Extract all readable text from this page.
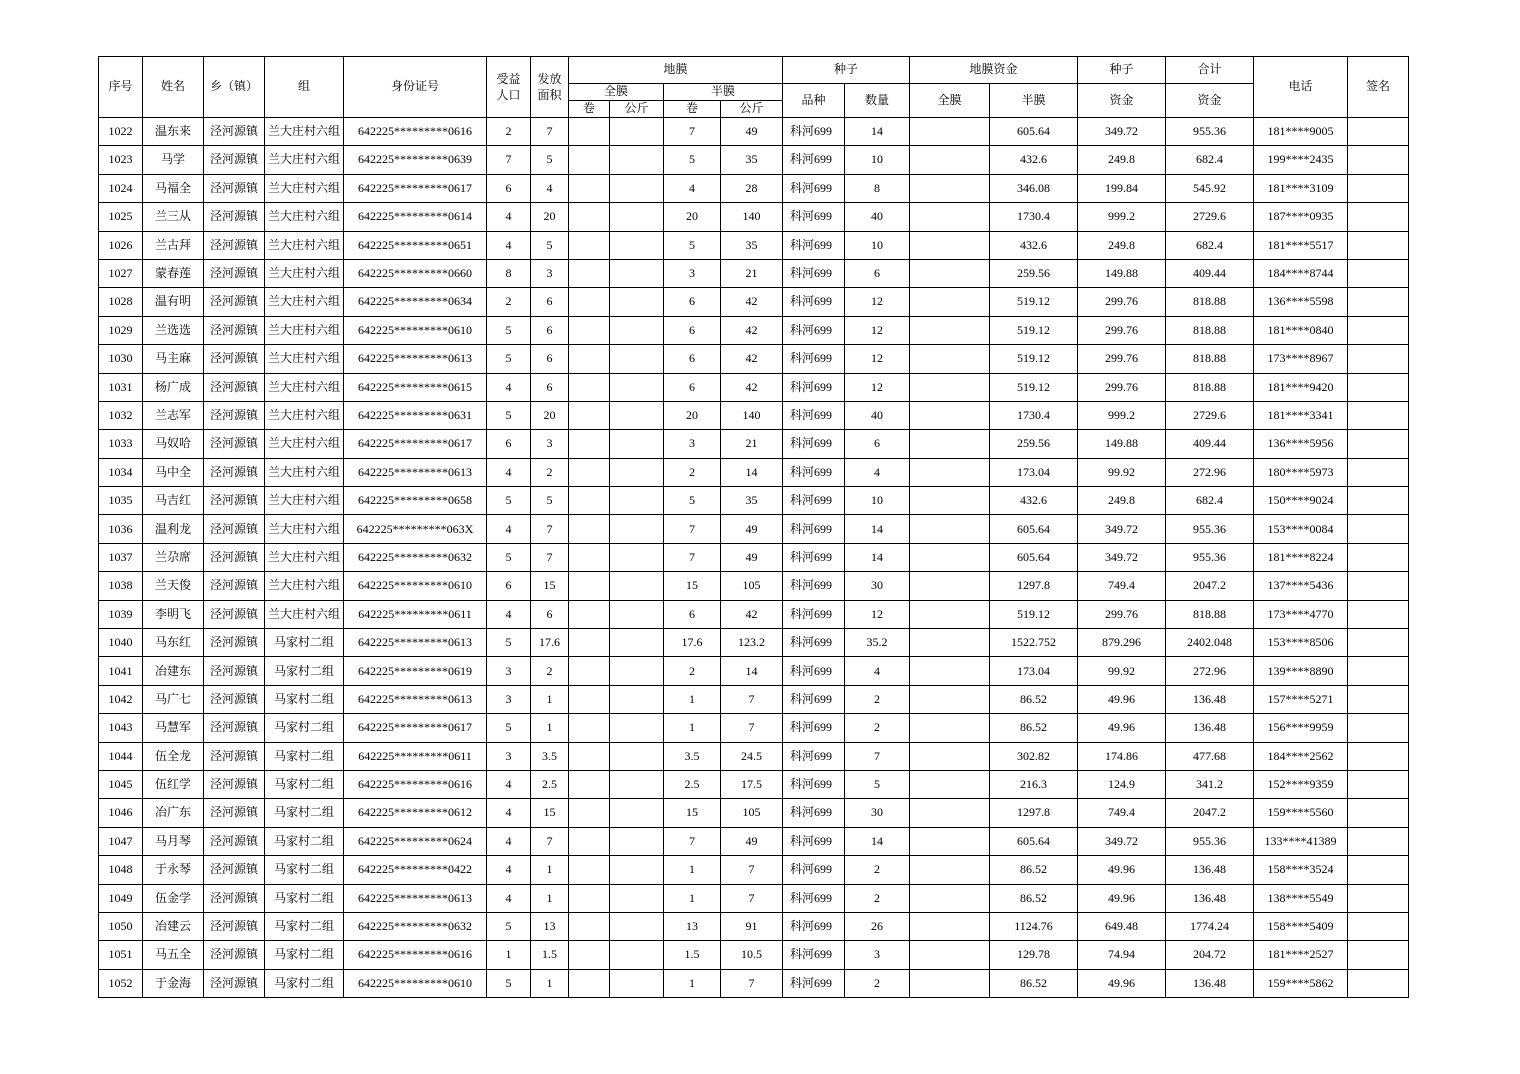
序号	姓名	乡（镇）	组	身份证号	受益人口	发放面积	地膜				种子		地膜资金		种子	合计	电话	签名
							全膜		半膜		品种	数量	全膜	半膜	资金	资金		
							卷	公斤	卷	公斤								
1022	温东来	泾河源镇	兰大庄村六组	642225*********0616	2	7			7	49	科河699	14		605.64	349.72	955.36	181****9005	
1023	马学	泾河源镇	兰大庄村六组	642225*********0639	7	5			5	35	科河699	10		432.6	249.8	682.4	199****2435	
1024	马福全	泾河源镇	兰大庄村六组	642225*********0617	6	4			4	28	科河699	8		346.08	199.84	545.92	181****3109	
1025	兰三从	泾河源镇	兰大庄村六组	642225*********0614	4	20			20	140	科河699	40		1730.4	999.2	2729.6	187****0935	
1026	兰古拜	泾河源镇	兰大庄村六组	642225*********0651	4	5			5	35	科河699	10		432.6	249.8	682.4	181****5517	
1027	蒙春莲	泾河源镇	兰大庄村六组	642225*********0660	8	3			3	21	科河699	6		259.56	149.88	409.44	184****8744	
1028	温有明	泾河源镇	兰大庄村六组	642225*********0634	2	6			6	42	科河699	12		519.12	299.76	818.88	136****5598	
1029	兰选选	泾河源镇	兰大庄村六组	642225*********0610	5	6			6	42	科河699	12		519.12	299.76	818.88	181****0840	
1030	马主麻	泾河源镇	兰大庄村六组	642225*********0613	5	6			6	42	科河699	12		519.12	299.76	818.88	173****8967	
1031	杨广成	泾河源镇	兰大庄村六组	642225*********0615	4	6			6	42	科河699	12		519.12	299.76	818.88	181****9420	
1032	兰志军	泾河源镇	兰大庄村六组	642225*********0631	5	20			20	140	科河699	40		1730.4	999.2	2729.6	181****3341	
1033	马奴哈	泾河源镇	兰大庄村六组	642225*********0617	6	3			3	21	科河699	6		259.56	149.88	409.44	136****5956	
1034	马中全	泾河源镇	兰大庄村六组	642225*********0613	4	2			2	14	科河699	4		173.04	99.92	272.96	180****5973	
1035	马吉红	泾河源镇	兰大庄村六组	642225*********0658	5	5			5	35	科河699	10		432.6	249.8	682.4	150****9024	
1036	温利龙	泾河源镇	兰大庄村六组	642225*********063X	4	7			7	49	科河699	14		605.64	349.72	955.36	153****0084	
1037	兰尕席	泾河源镇	兰大庄村六组	642225*********0632	5	7			7	49	科河699	14		605.64	349.72	955.36	181****8224	
1038	兰天俊	泾河源镇	兰大庄村六组	642225*********0610	6	15			15	105	科河699	30		1297.8	749.4	2047.2	137****5436	
1039	李明飞	泾河源镇	兰大庄村六组	642225*********0611	4	6			6	42	科河699	12		519.12	299.76	818.88	173****4770	
1040	马东红	泾河源镇	马家村二组	642225*********0613	5	17.6			17.6	123.2	科河699	35.2		1522.752	879.296	2402.048	153****8506	
1041	冶建东	泾河源镇	马家村二组	642225*********0619	3	2			2	14	科河699	4		173.04	99.92	272.96	139****8890	
1042	马广七	泾河源镇	马家村二组	642225*********0613	3	1			1	7	科河699	2		86.52	49.96	136.48	157****5271	
1043	马慧军	泾河源镇	马家村二组	642225*********0617	5	1			1	7	科河699	2		86.52	49.96	136.48	156****9959	
1044	伍全龙	泾河源镇	马家村二组	642225*********0611	3	3.5			3.5	24.5	科河699	7		302.82	174.86	477.68	184****2562	
1045	伍红学	泾河源镇	马家村二组	642225*********0616	4	2.5			2.5	17.5	科河699	5		216.3	124.9	341.2	152****9359	
1046	冶广东	泾河源镇	马家村二组	642225*********0612	4	15			15	105	科河699	30		1297.8	749.4	2047.2	159****5560	
1047	马月琴	泾河源镇	马家村二组	642225*********0624	4	7			7	49	科河699	14		605.64	349.72	955.36	133****41389	
1048	于永琴	泾河源镇	马家村二组	642225*********0422	4	1			1	7	科河699	2		86.52	49.96	136.48	158****3524	
1049	伍金学	泾河源镇	马家村二组	642225*********0613	4	1			1	7	科河699	2		86.52	49.96	136.48	138****5549	
1050	冶建云	泾河源镇	马家村二组	642225*********0632	5	13			13	91	科河699	26		1124.76	649.48	1774.24	158****5409	
1051	马五全	泾河源镇	马家村二组	642225*********0616	1	1.5			1.5	10.5	科河699	3		129.78	74.94	204.72	181****2527	
1052	于金海	泾河源镇	马家村二组	642225*********0610	5	1			1	7	科河699	2		86.52	49.96	136.48	159****5862	
